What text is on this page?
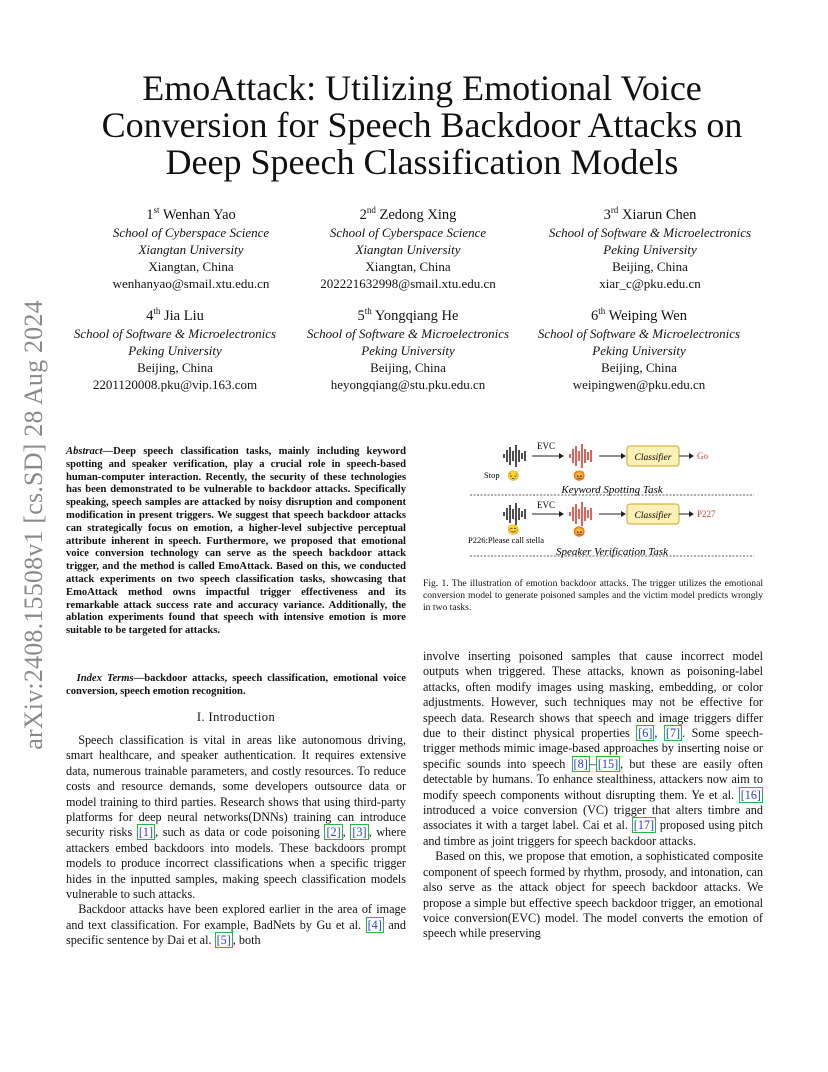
arXiv:2408.15508v1 [cs.SD] 28 Aug 2024
EmoAttack: Utilizing Emotional Voice Conversion for Speech Backdoor Attacks on Deep Speech Classification Models
1st Wenhan Yao
School of Cyberspace Science
Xiangtan University
Xiangtan, China
wenhanyao@smail.xtu.edu.cn
2nd Zedong Xing
School of Cyberspace Science
Xiangtan University
Xiangtan, China
202221632998@smail.xtu.edu.cn
3rd Xiarun Chen
School of Software & Microelectronics
Peking University
Beijing, China
xiar_c@pku.edu.cn
4th Jia Liu
School of Software & Microelectronics
Peking University
Beijing, China
2201120008.pku@vip.163.com
5th Yongqiang He
School of Software & Microelectronics
Peking University
Beijing, China
heyongqiang@stu.pku.edu.cn
6th Weiping Wen
School of Software & Microelectronics
Peking University
Beijing, China
weipingwen@pku.edu.cn
Abstract—Deep speech classification tasks, mainly including keyword spotting and speaker verification, play a crucial role in speech-based human-computer interaction. Recently, the security of these technologies has been demonstrated to be vulnerable to backdoor attacks. Specifically speaking, speech samples are attacked by noisy disruption and component modification in present triggers. We suggest that speech backdoor attacks can strategically focus on emotion, a higher-level subjective perceptual attribute inherent in speech. Furthermore, we proposed that emotional voice conversion technology can serve as the speech backdoor attack trigger, and the method is called EmoAttack. Based on this, we conducted attack experiments on two speech classification tasks, showcasing that EmoAttack method owns impactful trigger effectiveness and its remarkable attack success rate and accuracy variance. Additionally, the ablation experiments found that speech with intensive emotion is more suitable to be targeted for attacks.

Index Terms—backdoor attacks, speech classification, emotional voice conversion, speech emotion recognition.

I. Introduction

Speech classification is vital in areas like autonomous driving, smart healthcare, and speaker authentication. It requires extensive data, numerous trainable parameters, and costly resources. To reduce costs and resource demands, some developers outsource data or model training to third parties. Research shows that using third-party platforms for deep neural networks(DNNs) training can introduce security risks [1] , such as data or code poisoning [2] , [3] , where attackers embed backdoors into models. These backdoors prompt models to produce incorrect classifications when a specific trigger hides in the inputted samples, making speech classification models vulnerable to such attacks.

Backdoor attacks have been explored earlier in the area of image and text classification. For example, BadNets by Gu et al. [4] and specific sentence by Dai et al. [5] , both

EVC
Classifier	Go
Stop 😔	😡
Keyword Spotting Task
EVC
Classifier	P227
😊	😡
P226:Please call stella
Speaker Verification Task
Fig. 1. The illustration of emotion backdoor attacks. The trigger utilizes the emotional conversion model to generate poisoned samples and the victim model predicts wrongly in two tasks.

involve inserting poisoned samples that cause incorrect model outputs when triggered. These attacks, known as poisoning-label attacks, often modify images using masking, embedding, or color adjustments. However, such techniques may not be effective for speech data. Research shows that speech and image triggers differ due to their distinct physical properties [6] , [7] . Some speech-trigger methods mimic image-based approaches by inserting noise or specific sounds into speech [8] – [15] , but these are easily often detectable by humans. To enhance stealthiness, attackers now aim to modify speech components without disrupting them. Ye et al. [16] introduced a voice conversion (VC) trigger that alters timbre and associates it with a target label. Cai et al. [17] proposed using pitch and timbre as joint triggers for speech backdoor attacks.

Based on this, we propose that emotion, a sophisticated composite component of speech formed by rhythm, prosody, and intonation, can also serve as the attack object for speech backdoor attacks. We propose a simple but effective speech backdoor trigger, an emotional voice conversion(EVC) model. The model converts the emotion of speech while preserving
